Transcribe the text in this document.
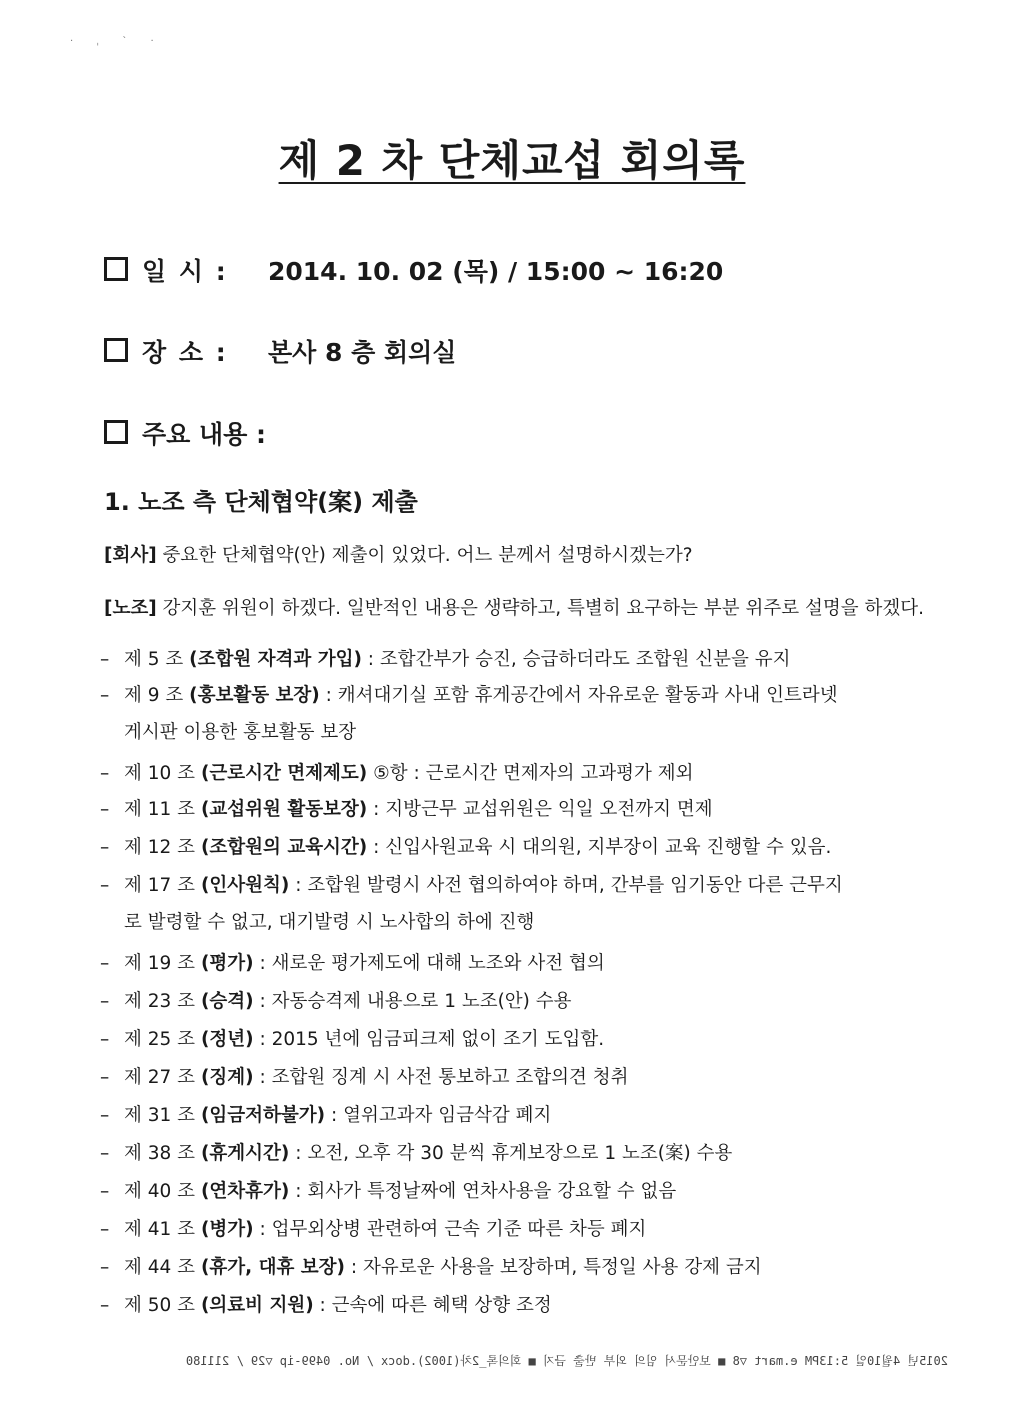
· ˌ ˋ ·
제 2 차 단체교섭 회의록
일 시 : 2014. 10. 02 (목) / 15:00 ~ 16:20
장 소 : 본사 8 층 회의실
주요 내용 :
1. 노조 측 단체협약(案) 제출
[회사] 중요한 단체협약(안) 제출이 있었다. 어느 분께서 설명하시겠는가?
[노조] 강지훈 위원이 하겠다. 일반적인 내용은 생략하고, 특별히 요구하는 부분 위주로 설명을 하겠다.
– 제 5 조 (조합원 자격과 가입) : 조합간부가 승진, 승급하더라도 조합원 신분을 유지
– 제 9 조 (홍보활동 보장) : 캐셔대기실 포함 휴게공간에서 자유로운 활동과 사내 인트라넷
게시판 이용한 홍보활동 보장
– 제 10 조 (근로시간 면제제도) ⑤항 : 근로시간 면제자의 고과평가 제외
– 제 11 조 (교섭위원 활동보장) : 지방근무 교섭위원은 익일 오전까지 면제
– 제 12 조 (조합원의 교육시간) : 신입사원교육 시 대의원, 지부장이 교육 진행할 수 있음.
– 제 17 조 (인사원칙) : 조합원 발령시 사전 협의하여야 하며, 간부를 임기동안 다른 근무지
로 발령할 수 없고, 대기발령 시 노사합의 하에 진행
– 제 19 조 (평가) : 새로운 평가제도에 대해 노조와 사전 협의
– 제 23 조 (승격) : 자동승격제 내용으로 1 노조(안) 수용
– 제 25 조 (정년) : 2015 년에 임금피크제 없이 조기 도입함.
– 제 27 조 (징계) : 조합원 징계 시 사전 통보하고 조합의견 청취
– 제 31 조 (임금저하불가) : 열위고과자 임금삭감 폐지
– 제 38 조 (휴게시간) : 오전, 오후 각 30 분씩 휴게보장으로 1 노조(案) 수용
– 제 40 조 (연차휴가) : 회사가 특정날짜에 연차사용을 강요할 수 없음
– 제 41 조 (병가) : 업무외상병 관련하여 근속 기준 따른 차등 폐지
– 제 44 조 (휴가, 대휴 보장) : 자유로운 사용을 보장하며, 특정일 사용 강제 금지
– 제 50 조 (의료비 지원) : 근속에 따른 혜택 상향 조정
2015년 4월10일 5:13PM e.mart ▽8 ■ 보안문서 임의 외부 반출 금지 ■ 회의록_2차(1002).docx / No. 0499-ip ▽29 / 211180
